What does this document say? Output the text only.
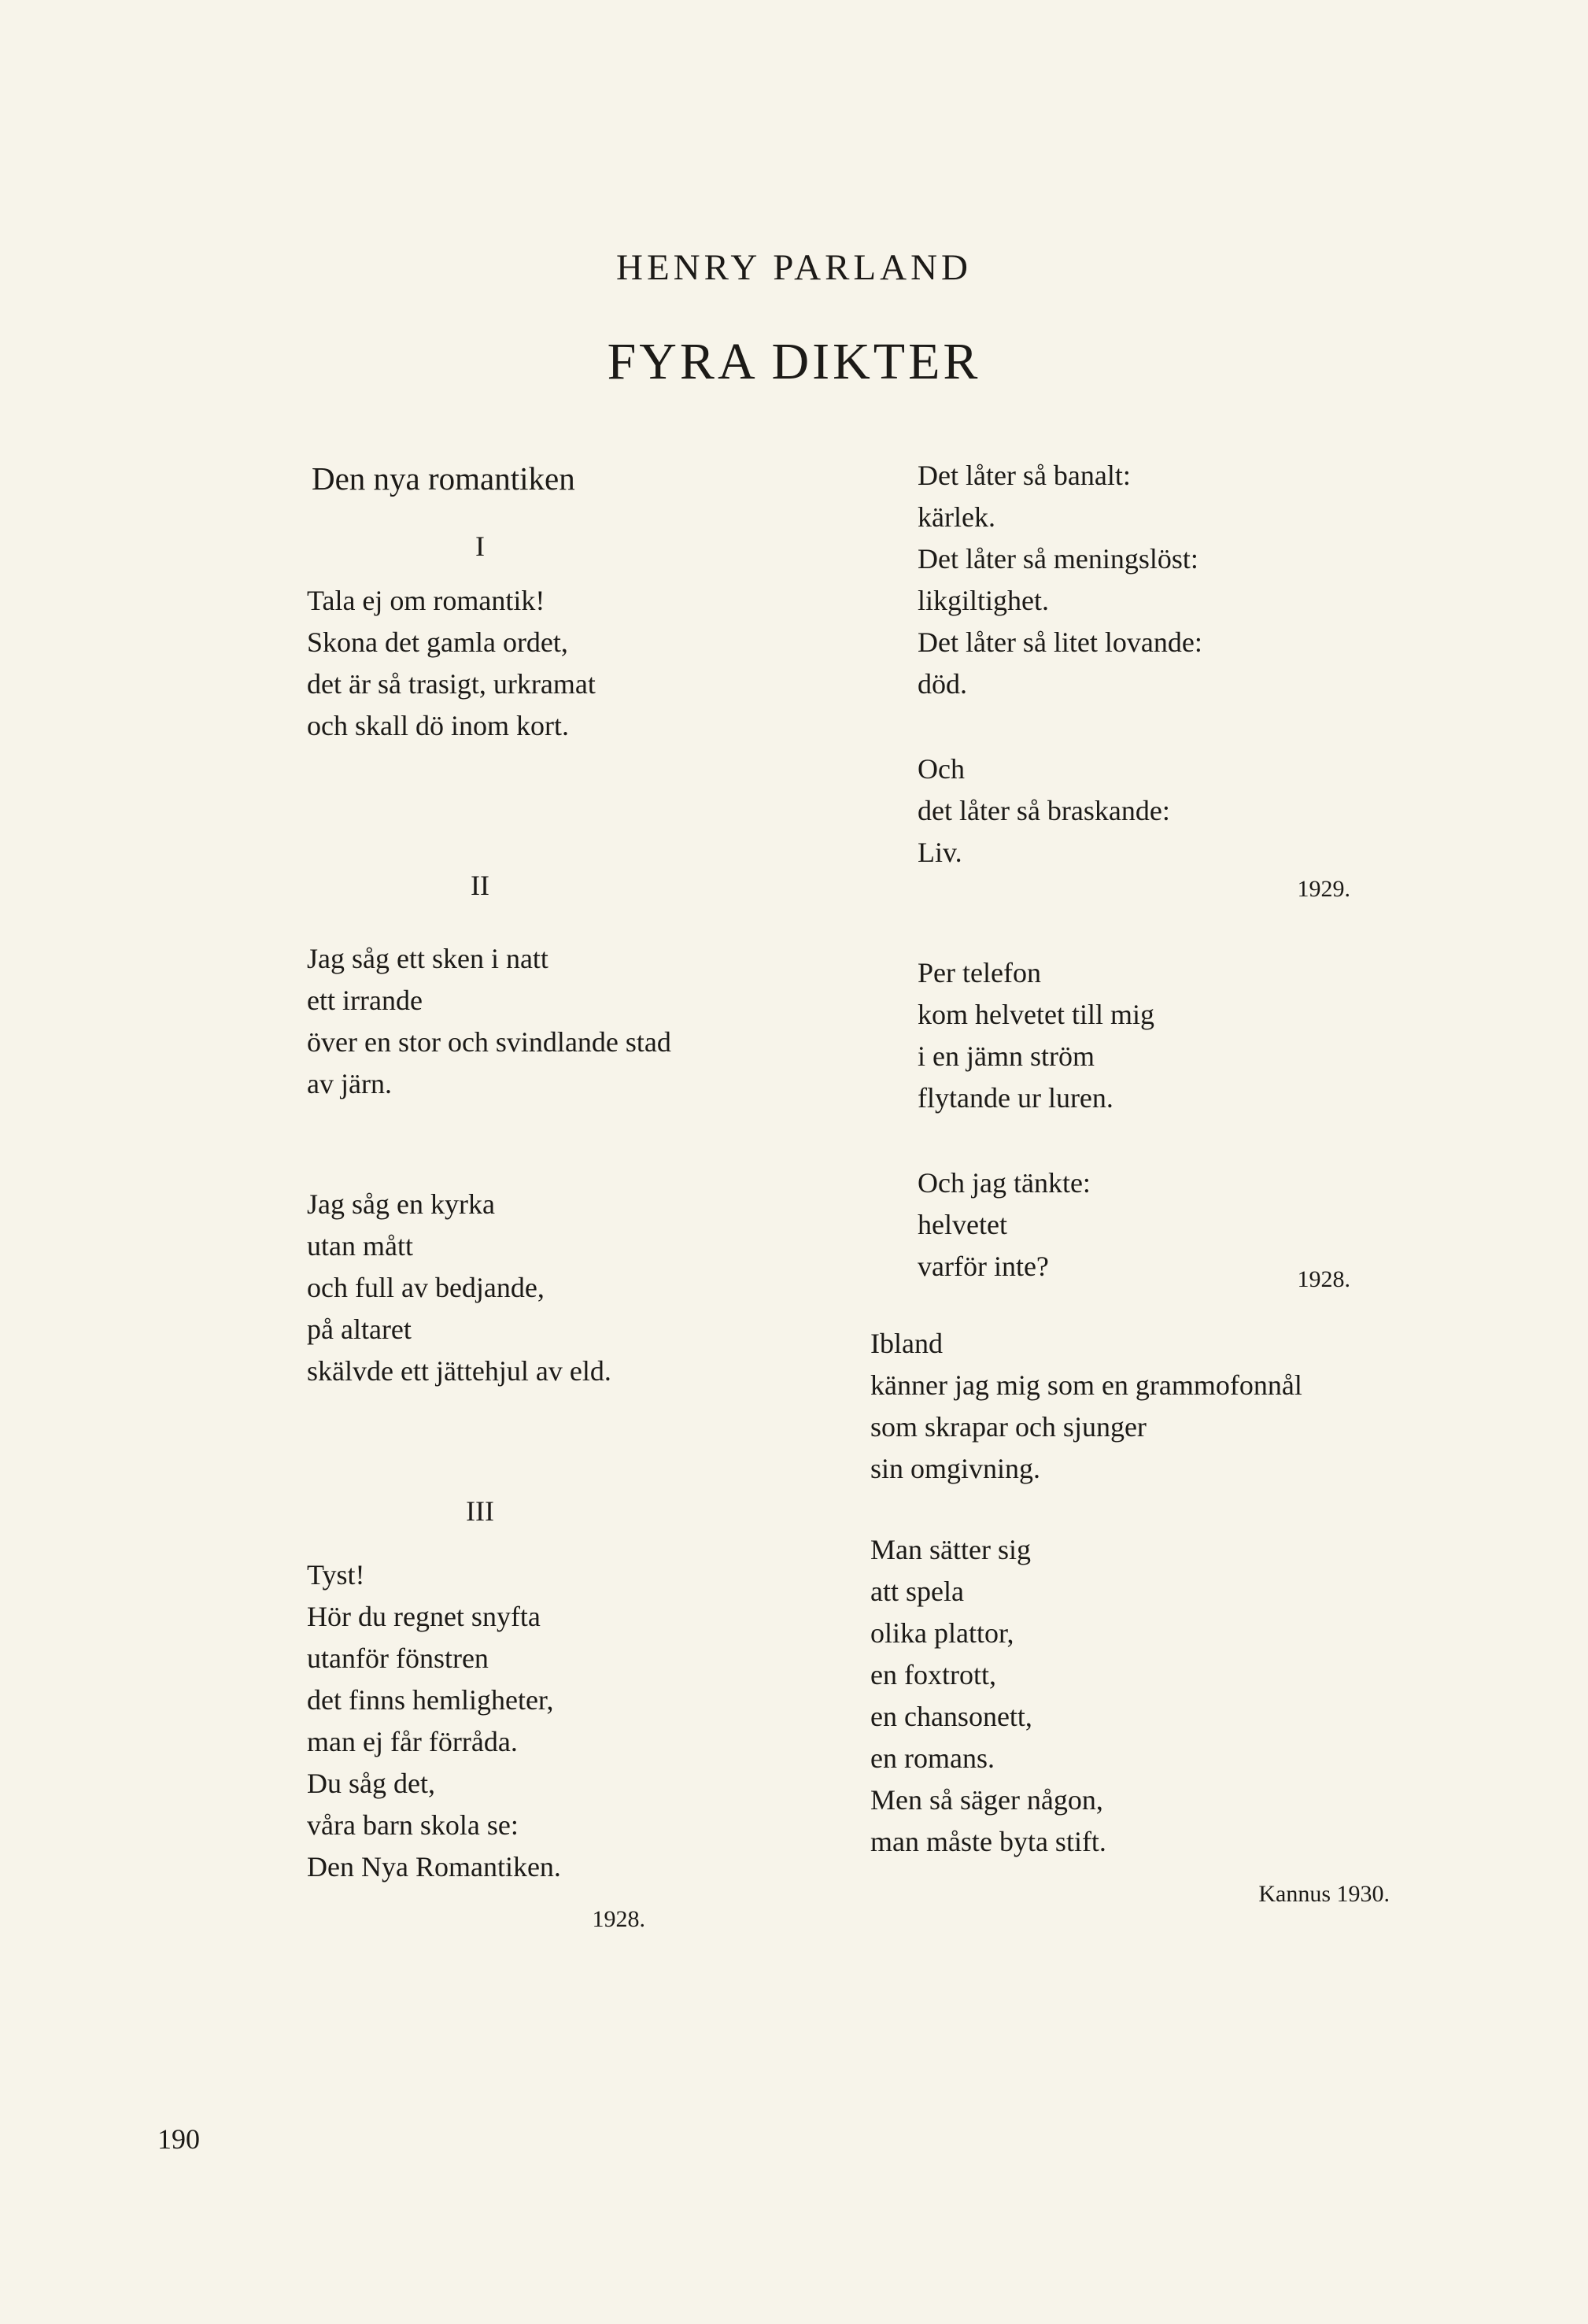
HENRY PARLAND
FYRA DIKTER
Den nya romantiken
I
Tala ej om romantik!
Skona det gamla ordet,
det är så trasigt, urkramat
och skall dö inom kort.
II
Jag såg ett sken i natt
ett irrande
över en stor och svindlande stad
av järn.
Jag såg en kyrka
utan mått
och full av bedjande,
på altaret
skälvde ett jättehjul av eld.
III
Tyst!
Hör du regnet snyfta
utanför fönstren
det finns hemligheter,
man ej får förråda.
Du såg det,
våra barn skola se:
Den Nya Romantiken.
1928.
Det låter så banalt:
kärlek.
Det låter så meningslöst:
likgiltighet.
Det låter så litet lovande:
död.
Och
det låter så braskande:
Liv.
1929.
Per telefon
kom helvetet till mig
i en jämn ström
flytande ur luren.
Och jag tänkte:
helvetet
varför inte?	1928.
Ibland
känner jag mig som en grammofonnål
som skrapar och sjunger
sin omgivning.
Man sätter sig
att spela
olika plattor,
en foxtrott,
en chansonett,
en romans.
Men så säger någon,
man måste byta stift.
Kannus 1930.
190
